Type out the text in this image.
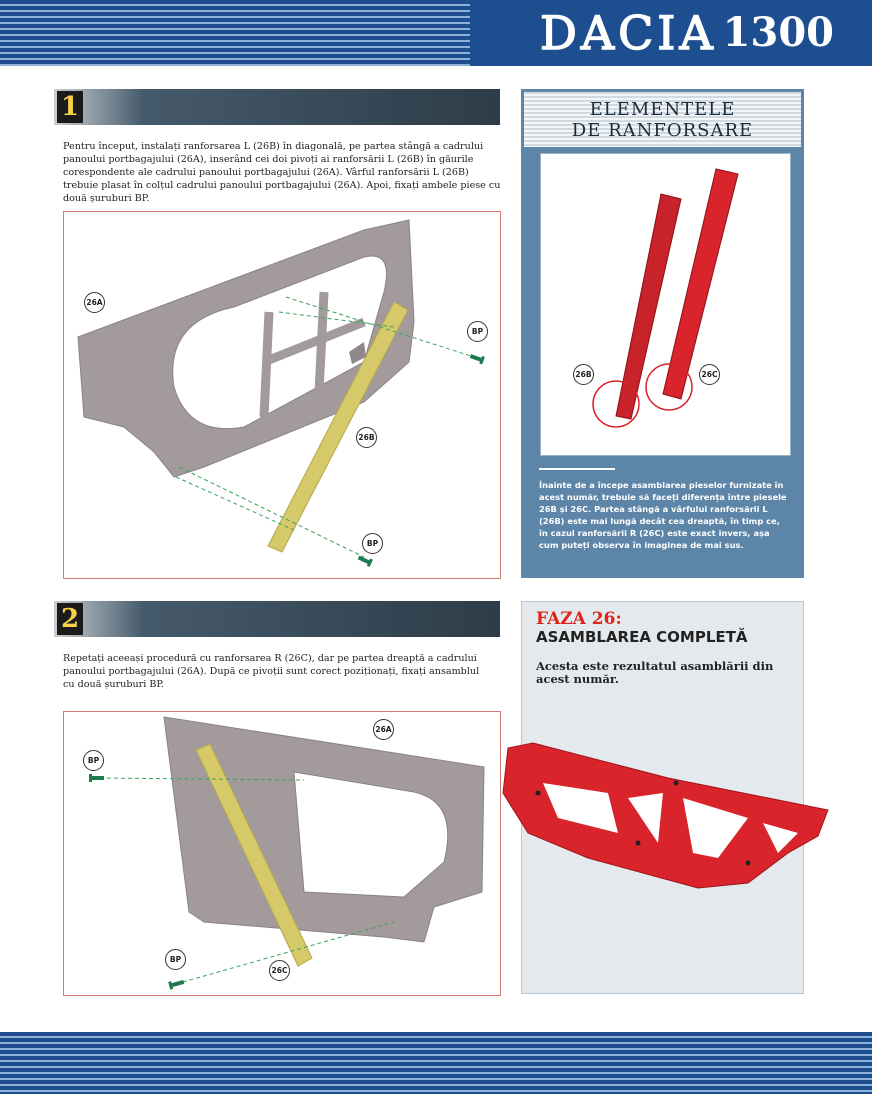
DACIA 1300
1
Pentru început, instalați ranforsarea L (26B) în diagonală, pe partea stângă a cadrului panoului portbagajului (26A), inserând cei doi pivoți ai ranforsării L (26B) în găurile corespondente ale cadrului panoului portbagajului (26A). Vârful ranforsării L (26B) trebuie plasat în colțul cadrului panoului portbagajului (26A). Apoi, fixați ambele piese cu două șuruburi BP.
26A
BP
26B
BP
2
Repetați aceeași procedură cu ranforsarea R (26C), dar pe partea dreaptă a cadrului panoului portbagajului (26A). După ce pivoții sunt corect poziționați, fixați ansamblul cu două șuruburi BP.
26A
BP
BP
26C
ELEMENTELE
DE RANFORSARE
26B	26C
Înainte de a începe asamblarea pieselor furnizate în acest număr, trebuie să faceți diferența între piesele 26B și 26C. Partea stângă a vârfului ranforsării L (26B) este mai lungă decât cea dreaptă, în timp ce, în cazul ranforsării R (26C) este exact invers, așa cum puteți observa în imaginea de mai sus.
FAZA 26:
ASAMBLAREA COMPLETĂ
Acesta este rezultatul asamblării din acest număr.
